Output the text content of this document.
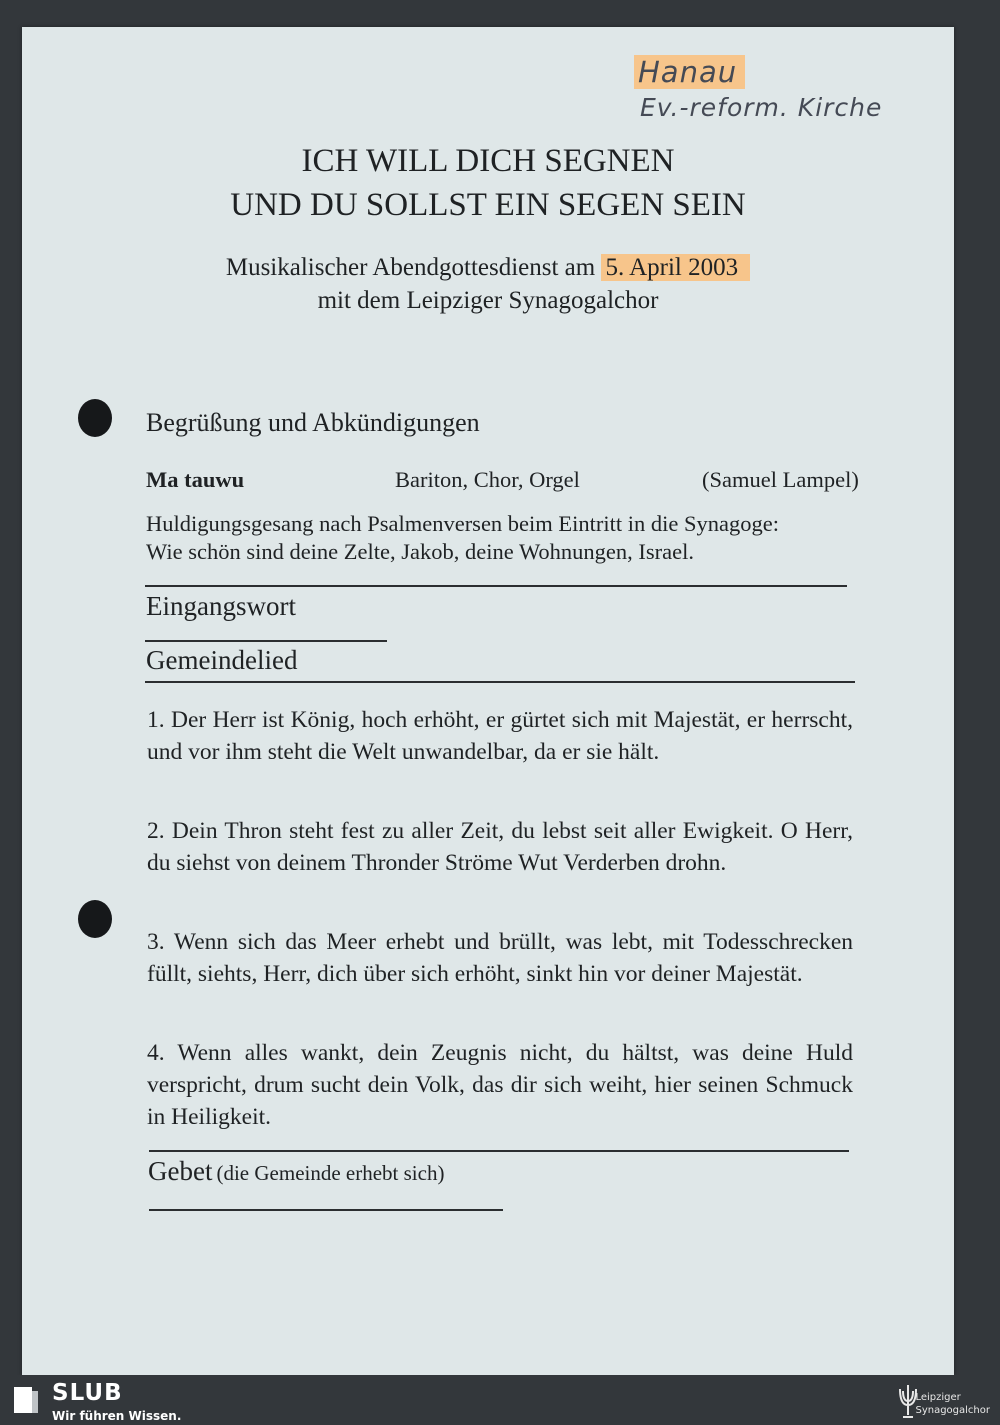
Hanau
Ev.-reform. Kirche
ICH WILL DICH SEGNEN
UND DU SOLLST EIN SEGEN SEIN
Musikalischer Abendgottesdienst am 5. April 2003
mit dem Leipziger Synagogalchor
Begrüßung und Abkündigungen
Ma tauwu	Bariton, Chor, Orgel	(Samuel Lampel)
Huldigungsgesang nach Psalmenversen beim Eintritt in die Synagoge:
Wie schön sind deine Zelte, Jakob, deine Wohnungen, Israel.
Eingangswort
Gemeindelied
1. Der Herr ist König, hoch erhöht, er gürtet sich mit Majestät, er herrscht, und vor ihm steht die Welt unwandelbar, da er sie hält.
2. Dein Thron steht fest zu aller Zeit, du lebst seit aller Ewigkeit. O Herr, du siehst von deinem Thronder Ströme Wut Verderben drohn.
3. Wenn sich das Meer erhebt und brüllt, was lebt, mit Todesschrecken füllt, siehts, Herr, dich über sich erhöht, sinkt hin vor deiner Majestät.
4. Wenn alles wankt, dein Zeugnis nicht, du hältst, was deine Huld verspricht, drum sucht dein Volk, das dir sich weiht, hier seinen Schmuck in Heiligkeit.
Gebet (die Gemeinde erhebt sich)
SLUB
Wir führen Wissen.
Leipziger
Synagogalchor
